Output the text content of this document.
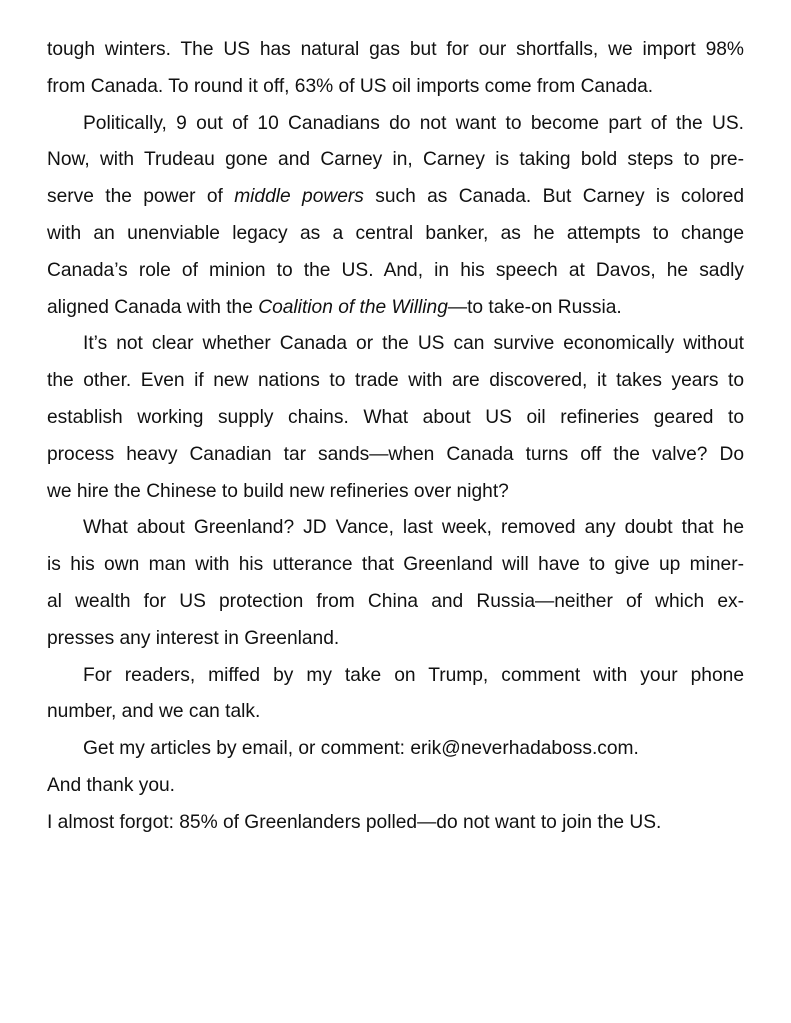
tough winters. The US has natural gas but for our shortfalls, we import 98%
from Canada. To round it off, 63% of US oil imports come from Canada.
Politically, 9 out of 10 Canadians do not want to become part of the US.
Now, with Trudeau gone and Carney in, Carney is taking bold steps to pre-
serve the power of middle powers such as Canada. But Carney is colored
with an unenviable legacy as a central banker, as he attempts to change
Canada’s role of minion to the US. And, in his speech at Davos, he sadly
aligned Canada with the Coalition of the Willing—to take-on Russia.
It’s not clear whether Canada or the US can survive economically without
the other. Even if new nations to trade with are discovered, it takes years to
establish working supply chains. What about US oil refineries geared to
process heavy Canadian tar sands—when Canada turns off the valve? Do
we hire the Chinese to build new refineries over night?
What about Greenland? JD Vance, last week, removed any doubt that he
is his own man with his utterance that Greenland will have to give up miner-
al wealth for US protection from China and Russia—neither of which ex-
presses any interest in Greenland.
For readers, miffed by my take on Trump, comment with your phone
number, and we can talk.
Get my articles by email, or comment: erik@neverhadaboss.com.
And thank you.
I almost forgot: 85% of Greenlanders polled—do not want to join the US.
